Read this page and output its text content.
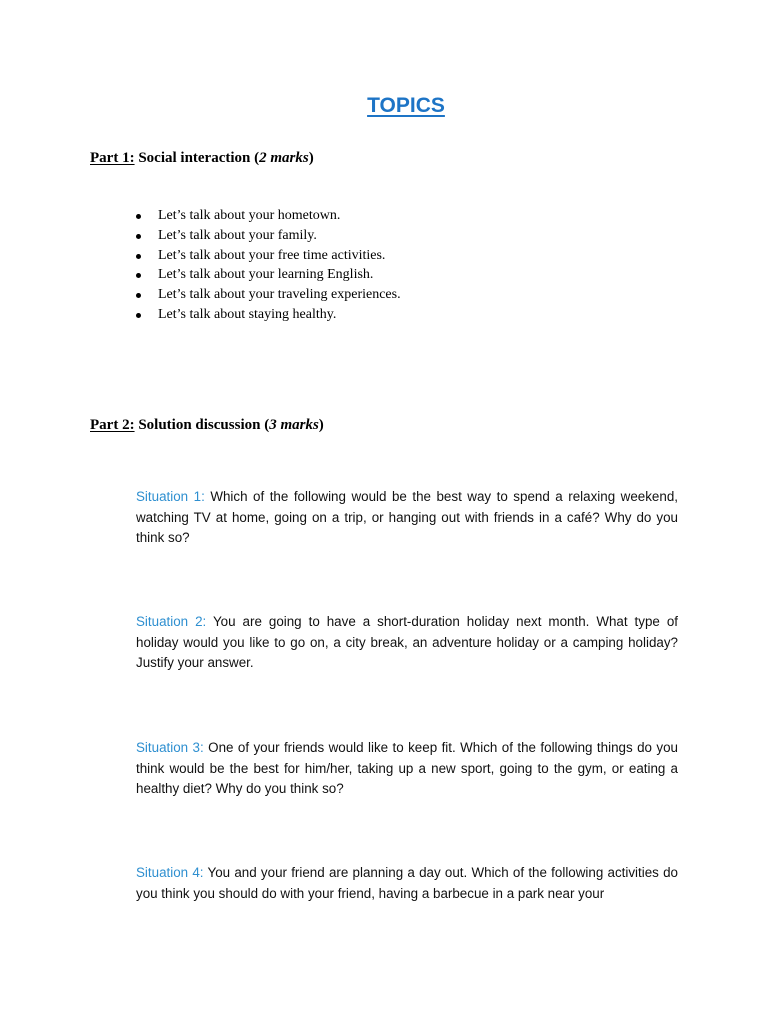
TOPICS
Part 1: Social interaction (2 marks)
Let’s talk about your hometown.
Let’s talk about your family.
Let’s talk about your free time activities.
Let’s talk about your learning English.
Let’s talk about your traveling experiences.
Let’s talk about staying healthy.
Part 2: Solution discussion (3 marks)

Situation 1: Which of the following would be the best way to spend a relaxing weekend, watching TV at home, going on a trip, or hanging out with friends in a café? Why do you think so?

Situation 2: You are going to have a short-duration holiday next month. What type of holiday would you like to go on, a city break, an adventure holiday or a camping holiday? Justify your answer.

Situation 3: One of your friends would like to keep fit. Which of the following things do you think would be the best for him/her, taking up a new sport, going to the gym, or eating a healthy diet? Why do you think so?

Situation 4: You and your friend are planning a day out. Which of the following activities do you think you should do with your friend, having a barbecue in a park near your
